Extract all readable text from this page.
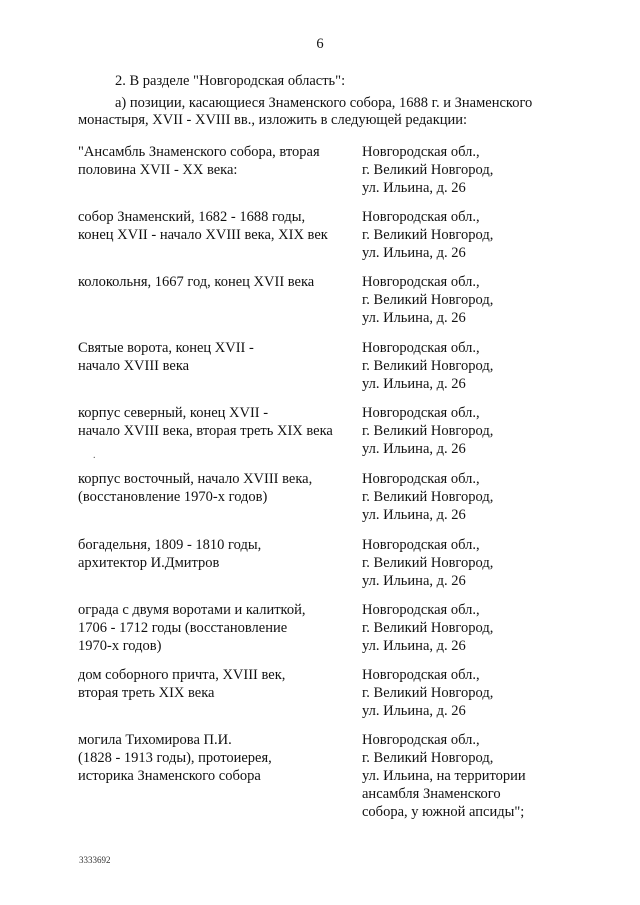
6
2. В разделе "Новгородская область":
а) позиции, касающиеся Знаменского собора, 1688 г. и Знаменского
монастыря, XVII - XVIII вв., изложить в следующей редакции:
"Ансамбль Знаменского собора, вторая
половина XVII - XX века:
Новгородская обл.,
г. Великий Новгород,
ул. Ильина, д. 26
собор Знаменский, 1682 - 1688 годы,
конец XVII - начало XVIII века, XIX век
Новгородская обл.,
г. Великий Новгород,
ул. Ильина, д. 26
колокольня, 1667 год, конец XVII века	Новгородская обл.,
г. Великий Новгород,
ул. Ильина, д. 26
Святые ворота, конец XVII -
начало XVIII века
Новгородская обл.,
г. Великий Новгород,
ул. Ильина, д. 26
корпус северный, конец XVII -
начало XVIII века, вторая треть XIX века
Новгородская обл.,
г. Великий Новгород,
ул. Ильина, д. 26
корпус восточный, начало XVIII века,
(восстановление 1970-х годов)
Новгородская обл.,
г. Великий Новгород,
ул. Ильина, д. 26
богадельня, 1809 - 1810 годы,
архитектор И.Дмитров
Новгородская обл.,
г. Великий Новгород,
ул. Ильина, д. 26
ограда с двумя воротами и калиткой,
1706 - 1712 годы (восстановление
1970-х годов)
Новгородская обл.,
г. Великий Новгород,
ул. Ильина, д. 26
дом соборного причта, XVIII век,
вторая треть XIX века
Новгородская обл.,
г. Великий Новгород,
ул. Ильина, д. 26
могила Тихомирова П.И.
(1828 - 1913 годы), протоиерея,
историка Знаменского собора
Новгородская обл.,
г. Великий Новгород,
ул. Ильина, на территории
ансамбля Знаменского
собора, у южной апсиды";
.
3333692
